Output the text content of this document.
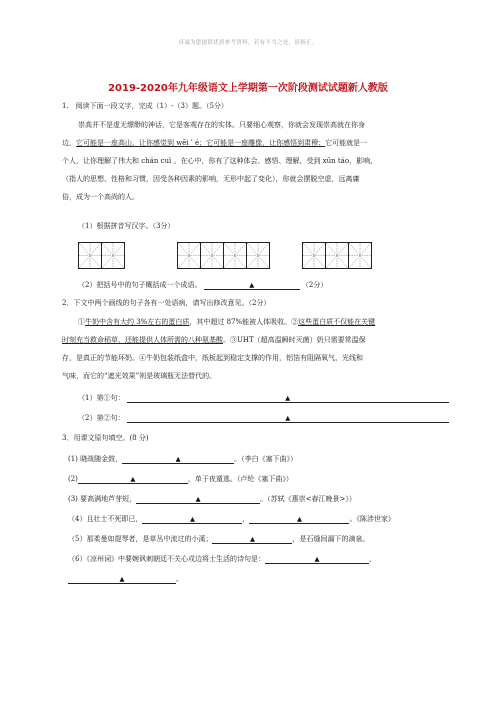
真诚为您提供优质参考资料，若有不当之处，请指正。
2019-2020年九年级语文上学期第一次阶段测试试题新人教版
1.　阅读下面一段文字，完成（1）-（3）题。（5分）
崇高并不是虚无缥缈的神话，它是客观存在的实体。只要细心观察，你就会发现崇高就在你身
边，它可能是一座高山，让你感觉到 wēi ʹ é；它可能是一座雕像，让你感悟到肃穆；它可能就是一
个人，让你理解了伟大和 chán cuì 。在心中，你有了这种体会、感悟、理解，受到 xūn táo，影响，
（指人的思想、性格和习惯，因受各种因素的影响，无形中起了变化），你就会摆脱空虚，远离庸
俗，成为一个高尚的人。
（1）根据拼音写汉字。（3分）
（2）把括号中的句子概括成一个成语。	▲	（2分）
2．下文中两个画线的句子各有一处语病，请写出修改意见。（2分）
①牛奶中含有大约 3%左右的蛋白质，其中超过 87%能被人体吸收。②这些蛋白质不仅能在关键
时刻充当救命稻草，还能提供人体所需的八种氨基酸。③UHT（超高温瞬时灭菌）奶只需要常温保
存，是真正的节能环奶。④牛奶包装纸盒中，纸板起到稳定支撑的作用，铝箔有阻隔氧气、光线和
气味，而它的“遮光效果”则是玻璃瓶无法替代的。
（1）第①句：	▲
（2）第②句：	▲
3．用课文原句填空。(8 分)
(1) 晓战随金鼓，	▲	。（李白《塞下曲》）
(2)	▲	，单于夜遁逃。（卢纶《塞下曲》）
(3) 要高满地芦芽短，	▲	。（苏轼《惠崇<春江晚景>》）
（4）且壮士不死即已，	▲	，	▲	。《陈涉世家》
（5）那柔曼如提琴者，是草丛中流过的小溪；	▲	，是石缝间漏下的滴泉。
（6）《凉州词》中要婉讽刺朝廷不关心戍边将士生活的诗句是：	▲	，
▲	。
